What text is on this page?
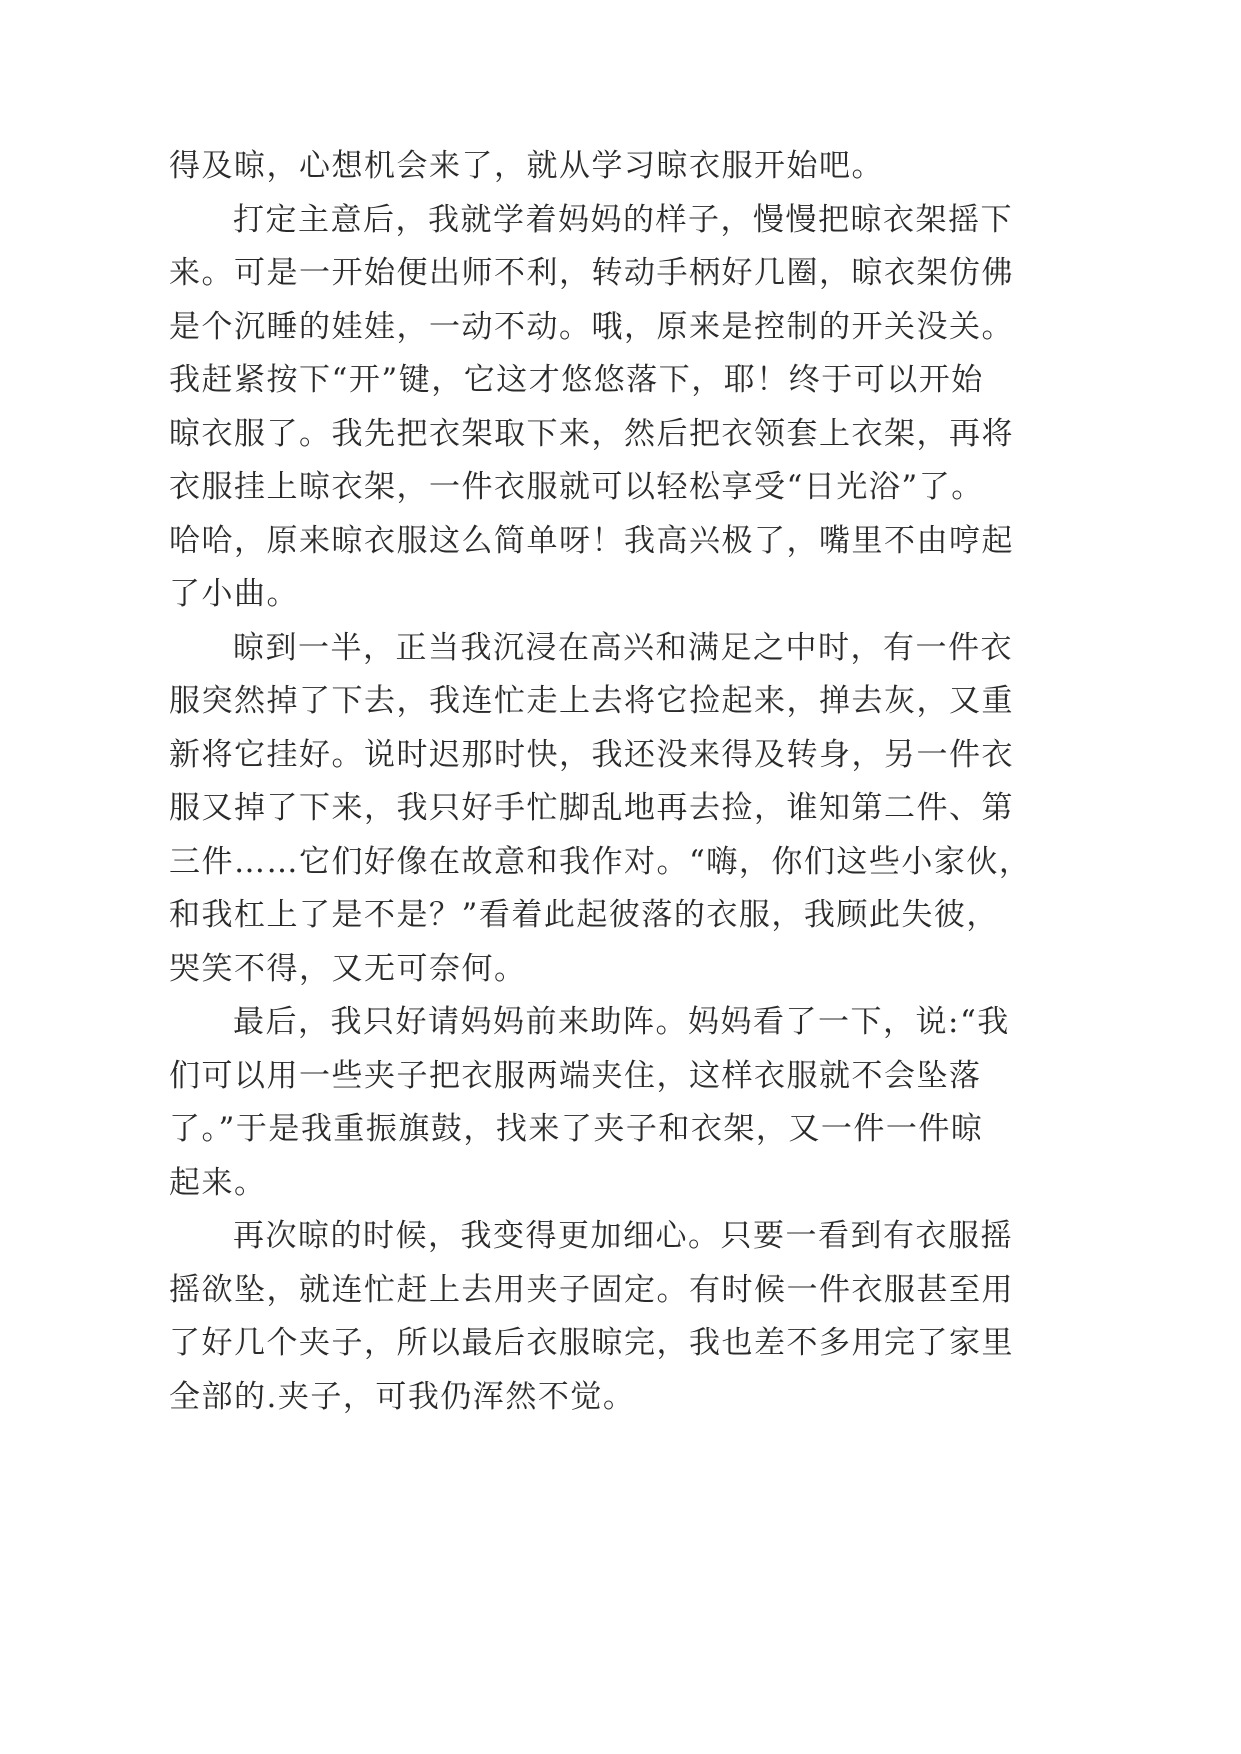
得及晾，心想机会来了，就从学习晾衣服开始吧。
打定主意后，我就学着妈妈的样子，慢慢把晾衣架摇下
来。可是一开始便出师不利，转动手柄好几圈，晾衣架仿佛
是个沉睡的娃娃，一动不动。哦，原来是控制的开关没关。
我赶紧按下“开”键，它这才悠悠落下，耶！终于可以开始
晾衣服了。我先把衣架取下来，然后把衣领套上衣架，再将
衣服挂上晾衣架，一件衣服就可以轻松享受“日光浴”了。
哈哈，原来晾衣服这么简单呀！我高兴极了，嘴里不由哼起
了小曲。
晾到一半，正当我沉浸在高兴和满足之中时，有一件衣
服突然掉了下去，我连忙走上去将它捡起来，掸去灰，又重
新将它挂好。说时迟那时快，我还没来得及转身，另一件衣
服又掉了下来，我只好手忙脚乱地再去捡，谁知第二件、第
三件……它们好像在故意和我作对。“嗨，你们这些小家伙，
和我杠上了是不是？”看着此起彼落的衣服，我顾此失彼，
哭笑不得，又无可奈何。
最后，我只好请妈妈前来助阵。妈妈看了一下，说:“我
们可以用一些夹子把衣服两端夹住，这样衣服就不会坠落
了。”于是我重振旗鼓，找来了夹子和衣架，又一件一件晾
起来。
再次晾的时候，我变得更加细心。只要一看到有衣服摇
摇欲坠，就连忙赶上去用夹子固定。有时候一件衣服甚至用
了好几个夹子，所以最后衣服晾完，我也差不多用完了家里
全部的.夹子，可我仍浑然不觉。
